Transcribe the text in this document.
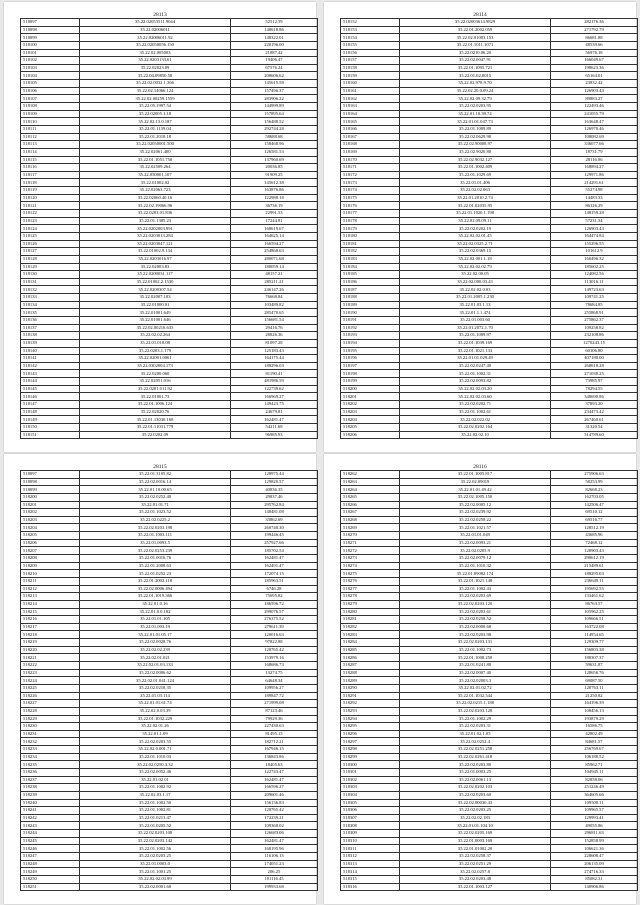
28113
518097	35.22.02053511.9044	52512.59
518098	35.22.02006011	140618.86
518099	35.22.02006011.92	148322.01
518100	35.22.02050056.150	220196.00
518101	35.22.02.005003	21887.42
518102	35.22.0203133.61	19406.47
518103	35.22.02023.09	67576.24
518104	35.22.04.09850.58	208606.62
518105	35.22.02.0032.1.366	145615.58
518106	35.22.02.14066.124	157496.37
518107	35.22.02.00259.1559	283906.22
518108	35.22.05.1997.54	144999.89
518109	35.22.02005.1.18	157895.64
518110	35.22.02.13.0.187	156488.52
518111	35.22.01.1139.04	292744.28
518112	35.22.01.2018.18	58688.68
518113	35.22.02050001.500	158468.96
518114	35.22.02061.400	126581.53
518115	35.22.01.1051.750	137960.69
518116	35.22.02509.264	20036.85
518117	35.22.050001.107	91909.25
518118	35.22.01002.02	145612.38
518119	35.22.02063.723	163876.86
518120	35.22.02060.40.16	122988.18
518121	35.22.02.19066.96	36736.19
518122	35.22.0203.01.836	22991.53
518123	35.22.01.1385.23	17244.81
518124	35.22.0202003.991	168619.67
518125	35.22.0203013.284	164625.14
518126	35.22.0203047.121	166594.27
518127	35.22.01002.9.134	254868.63
518128	35.22.0203016.97	280071.68
518129	35.22.02003.83	180059.14
518130	35.22.0200031.117	48157.21
518131	35.22.01002.2.1530	285211.21
518132	35.22.0200307.54	246147.26
518133	35.22.02007.103	76668.84
518134	35.22.01000.01	103489.82
518135	35.22.01001.649	285470.65
518136	35.22.01001.646	156681.54
518137	35.22.02.00216.635	29416.76
518138	35.22.02.02.264	28826.36
518139	35.22.01.010.08	81097.28
518140	35.22.0203.1.179	125183.43
518141	35.22.02001.0061	164175.44
518142	35.22.0302004.173	188296.03
518143	35.22.0200.060	81190.41
518144	35.22.02051.016	481986.59
518145	35.22.0201.011.92	122739.62
518146	35.22.01001.73	166969.27
518147	35.22.01.1006.124	149423.75
518148	35.22.02020.76	24679.81
518149	35.22.01.13030.168	162481.47
518150	35.22.01.11031.779	54211.68
518151	35.22.0202.09	96985.93
28114
518152	35.22.02003614.9829	282176.36
518153	35.22.01.2002.059	271792.79
518154	35.22.02.01003.153	86681.88
518155	35.22.01.1011.1071	48539.66
518156	35.22.0210.06.20	56976.18
518157	35.22.02.0047.91	166049.67
518158	35.22.01.1095.721	198623.36
518159	35.22.01.02.0015	65164.01
518160	35.22.02.978.9.70	23832.42
518161	35.22.02.20.0.09.24	126903.43
518162	35.22.02.09.32.79	89883.27
518163	35.22.02.0203.95	122493.46
518164	35.22.01.10.39.74	241055.79
518165	35.22.01.01.047.73	163648.47
518166	35.22.01.1009.89	126970.46
518167	35.22.02.0629.98	108082.69
518168	35.22.02.90008.97	336077.66
518169	35.22.02.9020.80	18731.79
518170	35.22.02.9032.127	28116.06
518171	35.22.01.1002.409	168894.27
518172	35.22.01.1029.69	129971.86
518173	35.22.01.01.406	214291.61
518174	35.22.02.02.063	55274.98
518175	35.22.01.2010.2.74	14483.33
518176	35.22.01.02035.95	86126.29
518177	35.22.01.1020.1.198	148159.28
518178	35.22.02.09.09.11	57231.34
518179	35.22.02.0202.19	126903.43
518180	35.22.02.02.01.45	164474.84
518181	35.22.02.0325.2.71	155296.55
518182	35.22.02.0369.15	101612.9
518183	35.22.02.001.1.18	160496.32
518184	35.22.02.02.02.79	185602.25
518185	35.22.02.00.05	124082.56
518186	35.22.02.000.03.43	113016.11
518187	35.22.02.02.0.03	149723.63
518188	35.22.01.2005.1.230	109741.25
518189	35.22.01.03.1.13	78684.85
518190	35.22.01.1.1.474	255868.91
518191	35.22.01.003.60	275862.37
518192	35.22.01.2072.1.70	109258.82
518193	35.22.01.1009.97	232108.86
518194	35.22.01.1039.169	1270243.15
518195	35.22.01.1021.133	60106.80
518196	35.22.01.01.029.49	407180.00
518197	35.22.02.0247.40	268618.28
518198	35.22.01.1002.31	271038.25
518199	35.22.02.0093.82	73985.97
518200	35.22.02.02.03.20	78294.55
518201	35.22.02.02.03.60	348690.86
518202	35.22.02.0202.71	37893.20
518203	35.22.01.1002.61	234473.42
518204	35.22.02.022.02	267460.61
518205	35.22.02.0202.164	31320.54
518206	35.22.02.02.10	514789.60
28115
518097	35.22.01.3105.82	128975.44
518098	35.22.02.0016.14	129820.57
518099	35.22.01.10.00.65	40836.35
518200	35.22.02.0252.40	29837.46
518201	35.22.01.01.71	295762.84
518202	35.22.01.1023.52	148481.08
518203	35.22.02.0225.2	33862.69
518204	35.22.02.0203.198	260740.30
518205	35.22.01.1003.111	199446.45
518206	35.22.01.0093.5	257927.66
518207	35.22.02.0253.239	185702.54
518208	35.22.01.0016.76	162481.47
518209	35.22.01.2008.63	162491.47
518210	35.22.01.0252.23	172074.15
518211	35.22.01.2002.118	185963.51
518212	35.22.02.0006.494	6746.28
518213	35.22.01.1019.366	75695.82
518214	35.22.01.0.16	186596.72
518215	35.22.01.0.0.182	299076.57
518216	35.22.01.01.105	276375.52
518217	35.22.01.003.19	279611.39
518218	35.22.01.01.05.17	120016.63
518219	35.22.02.0028.76	97822.88
518220	35.22.02.02.239	120765.42
518221	35.22.02.01.021	153979.16
518222	35.22.02.01.03.133	168686.73
518223	35.22.02.0006.62	13274.75
518224	35.22.02.01.041.124	64648.34
518225	35.22.02.0218.35	109956.27
518226	35.22.01.03.114	189847.72
518227	35.22.01.01.61.74	271999.08
518228	35.22.02.0.03.39	87123.46
518229	35.22.01.1032.229	79929.36
518230	35.22.02.01.26	227430.63
518231	35.22.01.1.09	81495.15
518232	35.22.02.0203.55	182712.21
518233	35.22.02.0.001.71	167946.15
518234	35.22.01.1010.03	136843.86
518235	35.22.02.0250.3.32	18405.63
518236	35.22.02.0052.46	122743.47
518237	35.22.01.02.01	162481.47
518238	35.22.01.1002.92	166596.27
518239	35.22.02.03.1.17	209601.46
518240	35.22.01.1002.50	156136.83
518241	35.22.01.1002.81	120765.42
518242	35.22.01.0213.47	172239.21
518243	35.22.01.0205.52	109368.02
518244	35.22.02.0203.108	126683.06
518245	35.22.02.0203.142	162481.47
518246	35.22.01.1002.56	168195.96
518247	35.22.02.0203.25	116106.13
518248	35.22.01.0003.0	174051.23
518249	35.22.01.1001.25	206.25
518250	35.22.02.02.03.99	101116.45
518251	35.22.02.0001.68	199933.68
28116
518262	35.22.01.1005.817	275906.63
518263	35.22.02.09019	58253.99
518264	35.22.01.01.49.42	82668.23
518265	35.22.02.1005.150	162703.05
518266	35.22.02.0005.12	142506.47
518267	35.22.02.0239.92	69510.12
518268	35.22.02.0258.22	69516.77
518269	35.22.01.1021.57	128512.19
518270	35.22.01.01.049	43685.96
518271	35.22.02.0093.21	72468.12
518272	35.22.02.0205.9	128903.43
518273	35.22.02.0079.12	290612.19
518274	35.22.01.1010.32	215489.61
518275	35.22.01.09082.174	188295.03
518276	35.22.01.1021.148	236649.11
518277	35.22.01.1002.43	195692.55
518278	35.22.02.0203.69	133461.62
518279	35.22.02.0203.120	86763.57
518280	35.22.02.0203.61	105962.25
518281	35.22.02.0258.52	109666.51
518282	35.22.02.0000.68	163722.08
518283	35.22.02.0203.98	114954.65
518284	35.22.02.0203.131	129309.77
518285	35.22.01.1002.73	156803.38
518286	35.22.01.1008.250	188307.37
518287	35.22.01.0241.80	59631.87
518288	35.22.02.0007.40	128656.76
518289	35.22.02.02003.3	69087.50
518290	35.22.02.01.02.72	128763.11
518291	35.22.01.1032.544	21250.82
518292	35.22.02.0215.1.188	164196.39
518293	35.22.02.0203.128	108456.13
518294	35.22.01.1002.29	193879.29
518295	35.22.02.0203.31	16586.75
518296	35.22.01.02.1.05	42802.49
518297	35.22.02.0252.4	84681.57
518298	35.22.02.0251.258	256769.67
518299	35.22.02.0261.418	106188.52
518300	35.22.02.0203.80	85962.71
518301	35.22.01.0003.25	104945.11
518302	35.22.02.0061.13	82858.06
518303	35.22.02.0202.103	251246.49
518304	35.22.02.0203.60	364605.66
518305	35.22.02.00030.43	109500.11
518306	35.22.02.0203.25	109965.57
518307	35.22.02.02.183	129993.41
518308	35.22.01.01.104.10	49055.86
518309	35.22.02.0205.169	296811.63
518310	35.22.01.0003.169	152858.99
518311	35.22.01.01002.20	106621.36
518312	35.22.02.0258.37	228608.47
518313	35.22.02.0251.29	206135.09
518314	35.22.02.0257.8	274716.33
518315	35.22.02.0203.48	85082.31
518316	35.22.01.1003.127	140906.86
